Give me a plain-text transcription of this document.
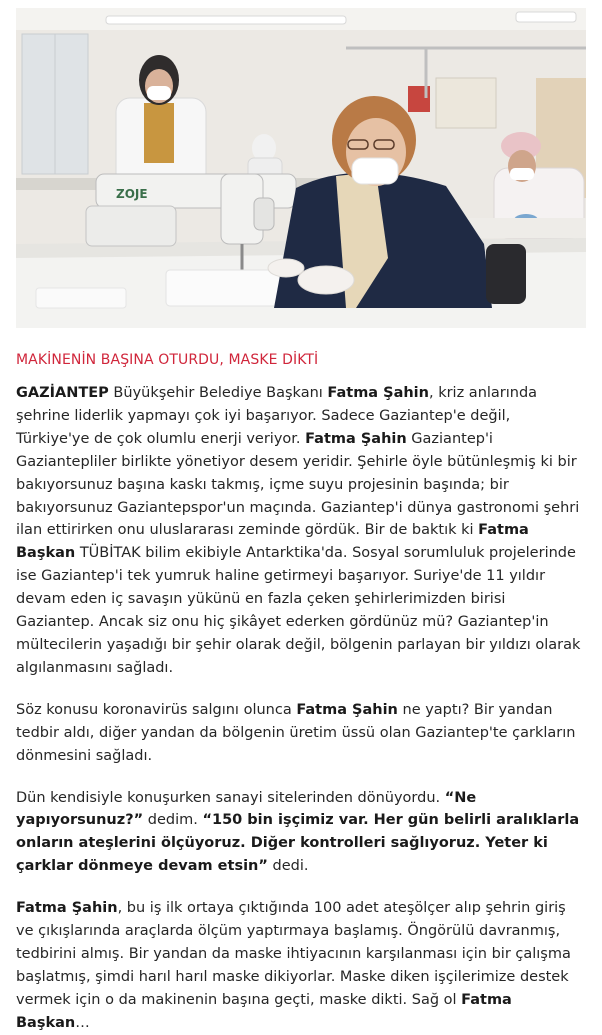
ZOJE
MAKİNENİN BAŞINA OTURDU, MASKE DİKTİ

GAZİANTEP Büyükşehir Belediye Başkanı Fatma Şahin, kriz anlarında şehrine liderlik yapmayı çok iyi başarıyor. Sadece Gaziantep'e değil, Türkiye'ye de çok olumlu enerji veriyor. Fatma Şahin Gaziantep'i Gaziantepliler birlikte yönetiyor desem yeridir. Şehirle öyle bütünleşmiş ki bir bakıyorsunuz başına kaskı takmış, içme suyu projesinin başında; bir bakıyorsunuz Gaziantepspor'un maçında. Gaziantep'i dünya gastronomi şehri ilan ettirirken onu uluslararası zeminde gördük. Bir de baktık ki Fatma Başkan TÜBİTAK bilim ekibiyle Antarktika'da. Sosyal sorumluluk projelerinde ise Gaziantep'i tek yumruk haline getirmeyi başarıyor. Suriye'de 11 yıldır devam eden iç savaşın yükünü en fazla çeken şehirlerimizden birisi Gaziantep. Ancak siz onu hiç şikâyet ederken gördünüz mü? Gaziantep'in mültecilerin yaşadığı bir şehir olarak değil, bölgenin parlayan bir yıldızı olarak algılanmasını sağladı.

Söz konusu koronavirüs salgını olunca Fatma Şahin ne yaptı? Bir yandan tedbir aldı, diğer yandan da bölgenin üretim üssü olan Gaziantep'te çarkların dönmesini sağladı.

Dün kendisiyle konuşurken sanayi sitelerinden dönüyordu. “Ne yapıyorsunuz?” dedim. “150 bin işçimiz var. Her gün belirli aralıklarla onların ateşlerini ölçüyoruz. Diğer kontrolleri sağlıyoruz. Yeter ki çarklar dönmeye devam etsin” dedi.

Fatma Şahin, bu iş ilk ortaya çıktığında 100 adet ateşölçer alıp şehrin giriş ve çıkışlarında araçlarda ölçüm yaptırmaya başlamış. Öngörülü davranmış, tedbirini almış. Bir yandan da maske ihtiyacının karşılanması için bir çalışma başlatmış, şimdi harıl harıl maske dikiyorlar. Maske diken işçilerimize destek vermek için o da makinenin başına geçti, maske dikti. Sağ ol Fatma Başkan…
